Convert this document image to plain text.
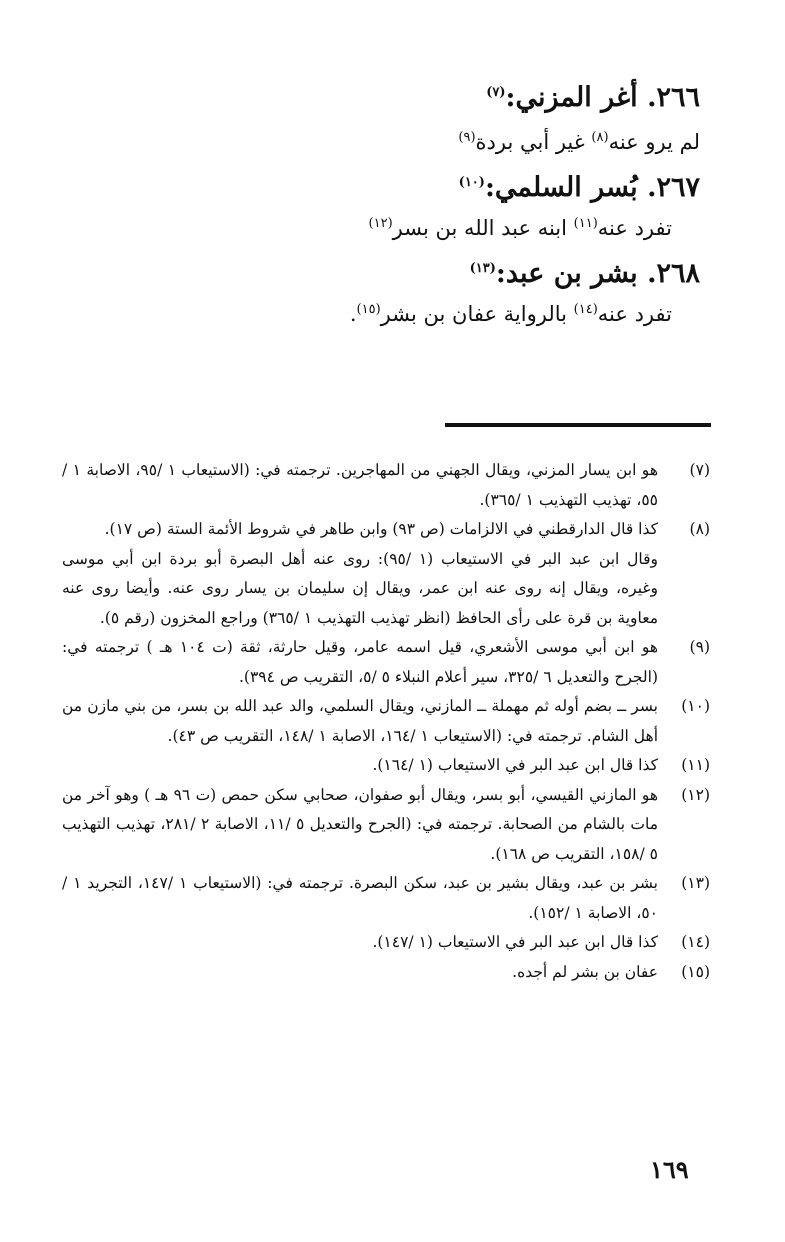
٢٦٦. أغر المزني:$^{(٧)}$

لم يرو عنه$^{(٨)}$ غير أبي بردة$^{(٩)}$

٢٦٧. بُسر السلمي:$^{(١٠)}$

تفرد عنه$^{(١١)}$ ابنه عبد الله بن بسر$^{(١٢)}$

٢٦٨. بشر بن عبد:$^{(١٣)}$

تفرد عنه$^{(١٤)}$ بالرواية عفان بن بشر$^{(١٥)}$.

(٧)
هو ابن يسار المزني، ويقال الجهني من المهاجرين. ترجمته في: (الاستيعاب ١ /٩٥، الاصابة ١ /٥٥، تهذيب التهذيب ١ /٣٦٥).
(٨)
كذا قال الدارقطني في الالزامات (ص ٩٣) وابن طاهر في شروط الأئمة الستة (ص ١٧).
وقال ابن عبد البر في الاستيعاب (١ /٩٥): روى عنه أهل البصرة أبو بردة ابن أبي موسى وغيره، ويقال إنه روى عنه ابن عمر، ويقال إن سليمان بن يسار روى عنه. وأيضا روى عنه معاوية بن قرة على رأى الحافظ (انظر تهذيب التهذيب ١ /٣٦٥) وراجع المخزون (رقم ٥).
(٩)
هو ابن أبي موسى الأشعري، قيل اسمه عامر، وقيل حارثة، ثقة (ت ١٠٤ هـ ) ترجمته في: (الجرح والتعديل ٦ /٣٢٥، سير أعلام النبلاء ٥ /٥، التقريب ص ٣٩٤).
(١٠)
بسر ــ بضم أوله ثم مهملة ــ المازني، ويقال السلمي، والد عبد الله بن بسر، من بني مازن من أهل الشام. ترجمته في: (الاستيعاب ١ /١٦٤، الاصابة ١ /١٤٨، التقريب ص ٤٣).
(١١)
كذا قال ابن عبد البر في الاستيعاب (١ /١٦٤).
(١٢)
هو المازني القيسي، أبو بسر، ويقال أبو صفوان، صحابي سكن حمص (ت ٩٦ هـ ) وهو آخر من مات بالشام من الصحابة. ترجمته في: (الجرح والتعديل ٥ /١١، الاصابة ٢ /٢٨١، تهذيب التهذيب ٥ /١٥٨، التقريب ص ١٦٨).
(١٣)
بشر بن عبد، ويقال بشير بن عبد، سكن البصرة. ترجمته في: (الاستيعاب ١ /١٤٧، التجريد ١ /٥٠، الاصابة ١ /١٥٢).
(١٤)
كذا قال ابن عبد البر في الاستيعاب (١ /١٤٧).
(١٥)
عفان بن بشر لم أجده.
١٦٩
